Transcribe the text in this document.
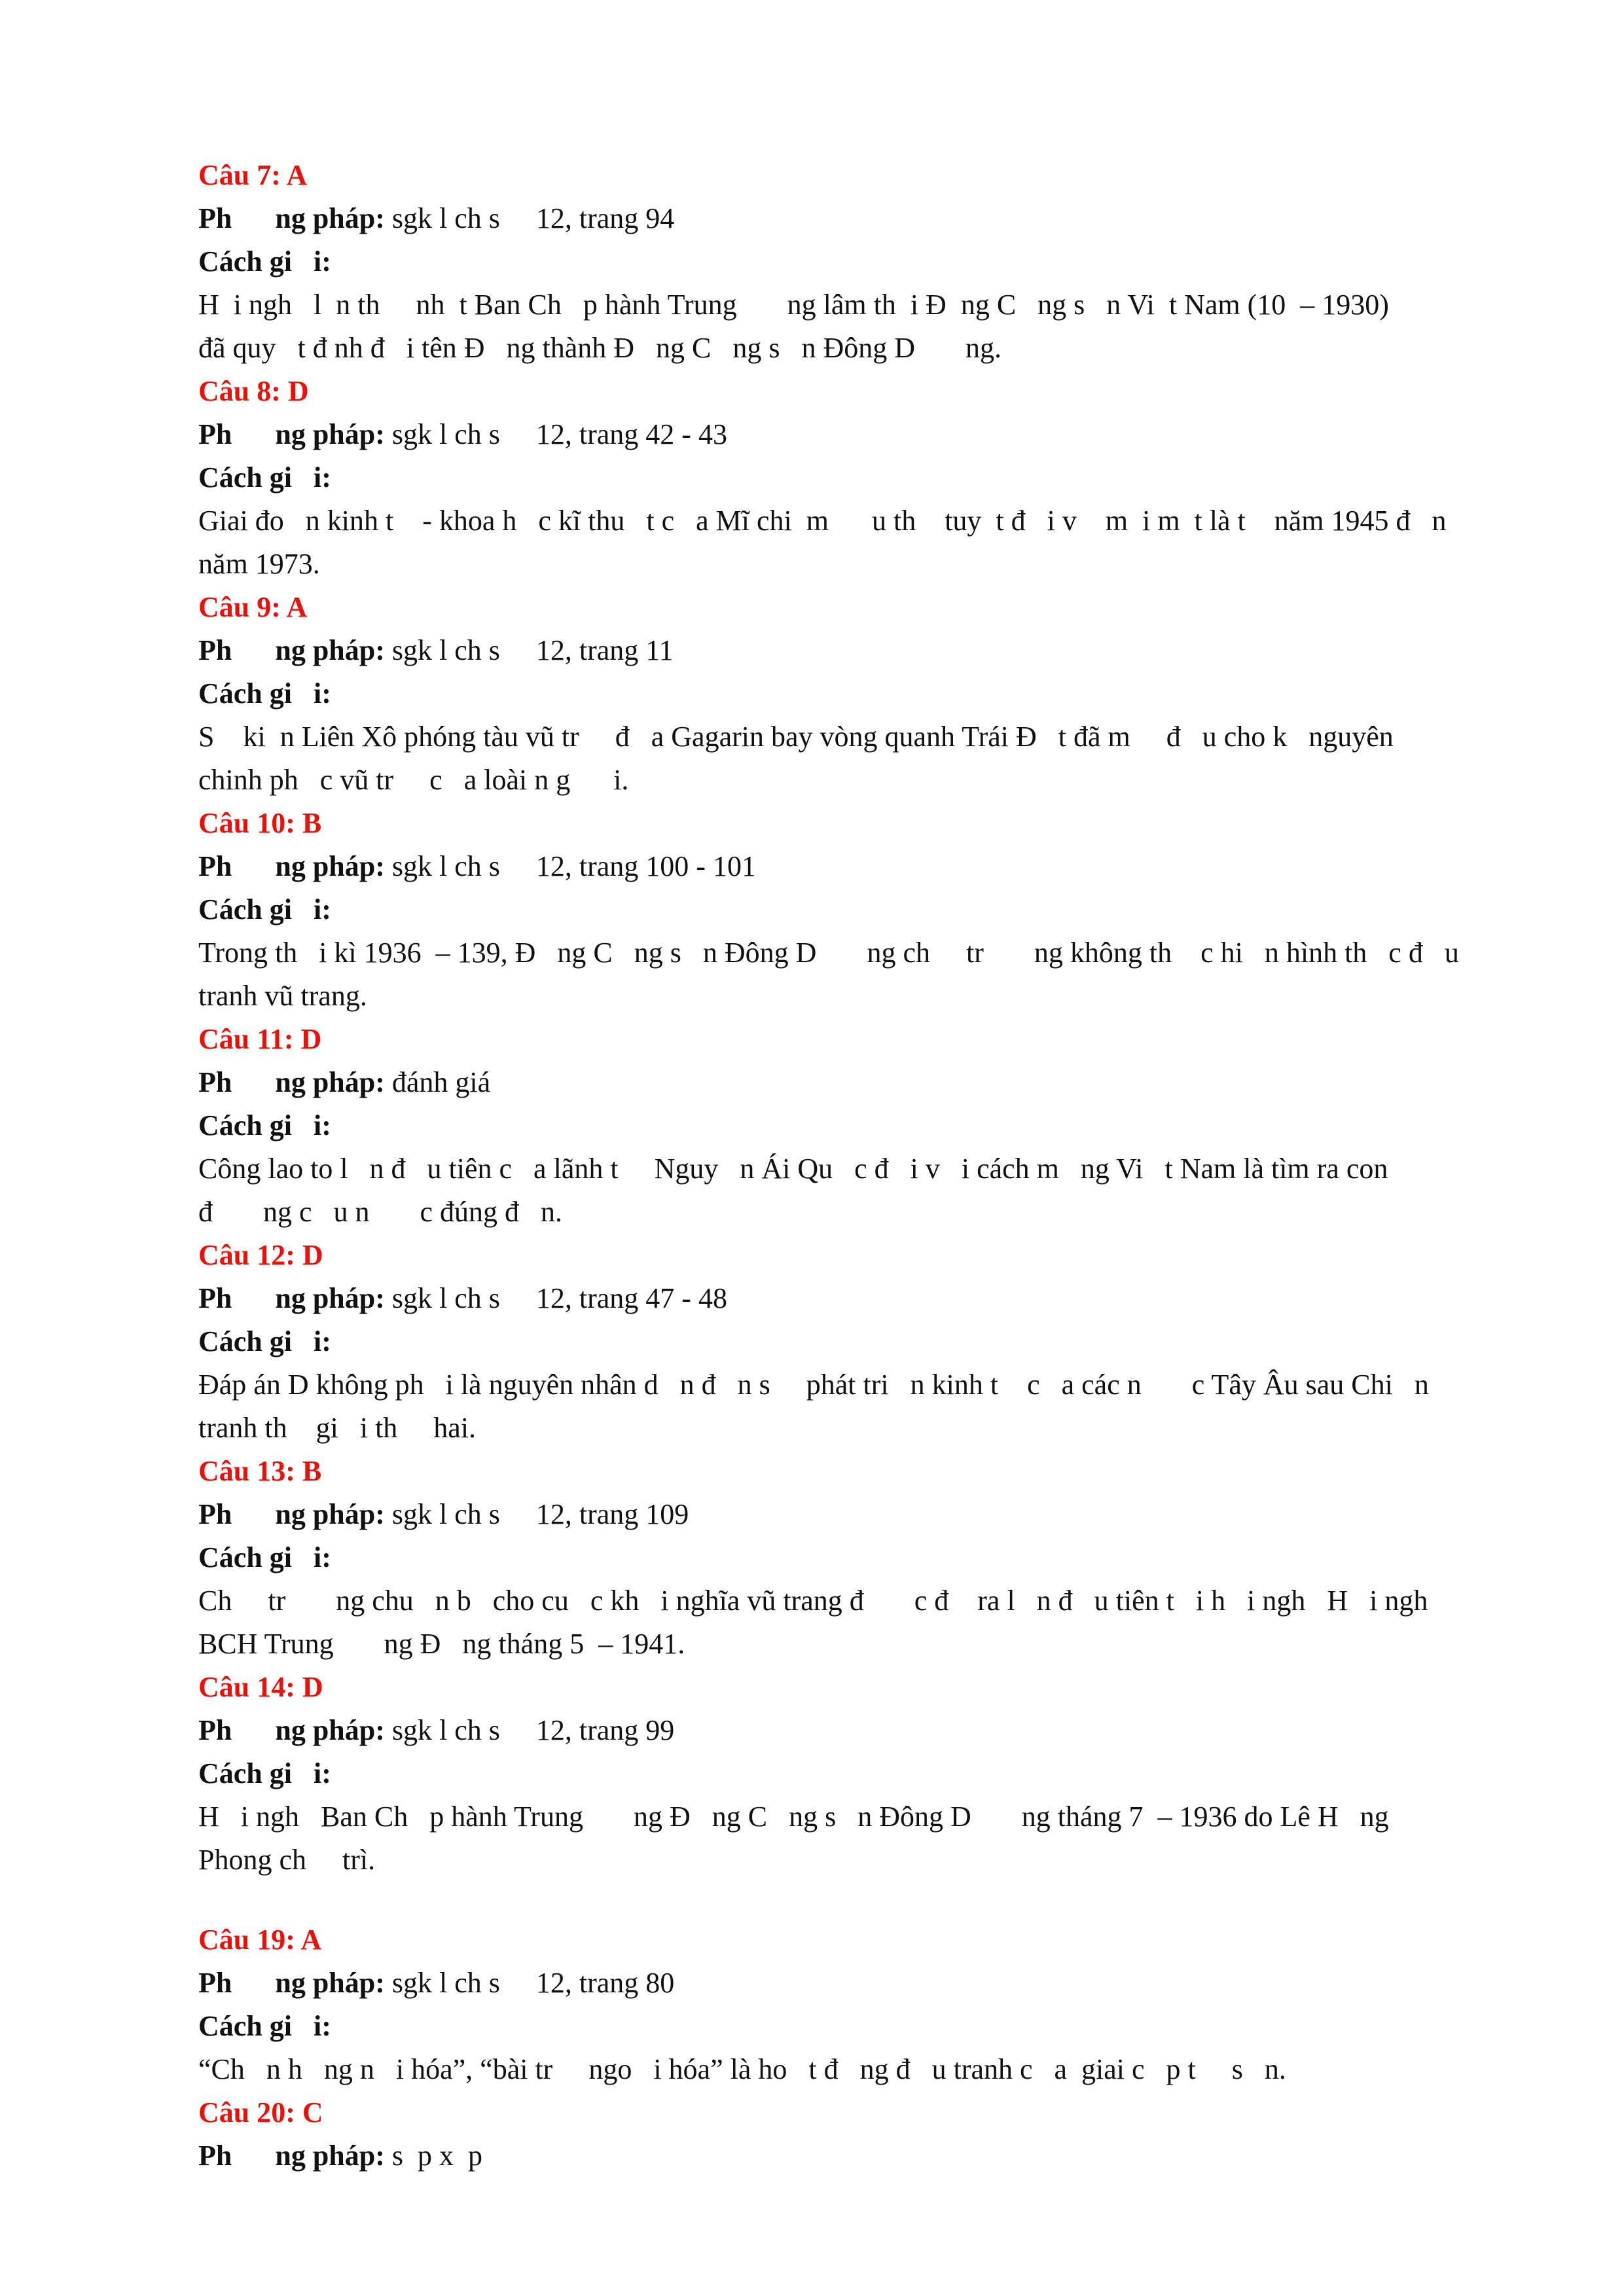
Câu 7: A

Ph      ng pháp: sgk l ch s     12, trang 94

Cách gi   i:

H  i ngh   l  n th     nh  t Ban Ch   p hành Trung       ng lâm th  i Đ  ng C   ng s   n Vi  t Nam (10  – 1930)

đã quy   t đ nh đ   i tên Đ   ng thành Đ   ng C   ng s   n Đông D       ng.

Câu 8: D

Ph      ng pháp: sgk l ch s     12, trang 42 - 43

Cách gi   i:

Giai đo   n kinh t    - khoa h   c kĩ thu   t c   a Mĩ chi  m      u th    tuy  t đ   i v    m  i m  t là t    năm 1945 đ   n

năm 1973.

Câu 9: A

Ph      ng pháp: sgk l ch s     12, trang 11

Cách gi   i:

S    ki  n Liên Xô phóng tàu vũ tr     đ   a Gagarin bay vòng quanh Trái Đ   t đã m     đ   u cho k   nguyên

chinh ph   c vũ tr     c   a loài n g      i.

Câu 10: B

Ph      ng pháp: sgk l ch s     12, trang 100 - 101

Cách gi   i:

Trong th   i kì 1936  – 139, Đ   ng C   ng s   n Đông D       ng ch     tr       ng không th    c hi   n hình th   c đ   u

tranh vũ trang.

Câu 11: D

Ph      ng pháp: đánh giá

Cách gi   i:

Công lao to l   n đ   u tiên c   a lãnh t     Nguy   n Ái Qu   c đ   i v   i cách m   ng Vi   t Nam là tìm ra con

đ       ng c   u n       c đúng đ   n.

Câu 12: D

Ph      ng pháp: sgk l ch s     12, trang 47 - 48

Cách gi   i:

Đáp án D không ph   i là nguyên nhân d   n đ   n s     phát tri   n kinh t    c   a các n       c Tây Âu sau Chi   n

tranh th    gi   i th     hai.

Câu 13: B

Ph      ng pháp: sgk l ch s     12, trang 109

Cách gi   i:

Ch     tr       ng chu   n b   cho cu   c kh   i nghĩa vũ trang đ       c đ    ra l   n đ   u tiên t   i h   i ngh   H   i ngh

BCH Trung       ng Đ   ng tháng 5  – 1941.

Câu 14: D

Ph      ng pháp: sgk l ch s     12, trang 99

Cách gi   i:

H   i ngh   Ban Ch   p hành Trung       ng Đ   ng C   ng s   n Đông D       ng tháng 7  – 1936 do Lê H   ng

Phong ch     trì.

Câu 19: A

Ph      ng pháp: sgk l ch s     12, trang 80

Cách gi   i:

“Ch   n h   ng n   i hóa”, “bài tr     ngo   i hóa” là ho   t đ   ng đ   u tranh c   a  giai c   p t     s   n.

Câu 20: C

Ph      ng pháp: s  p x  p
